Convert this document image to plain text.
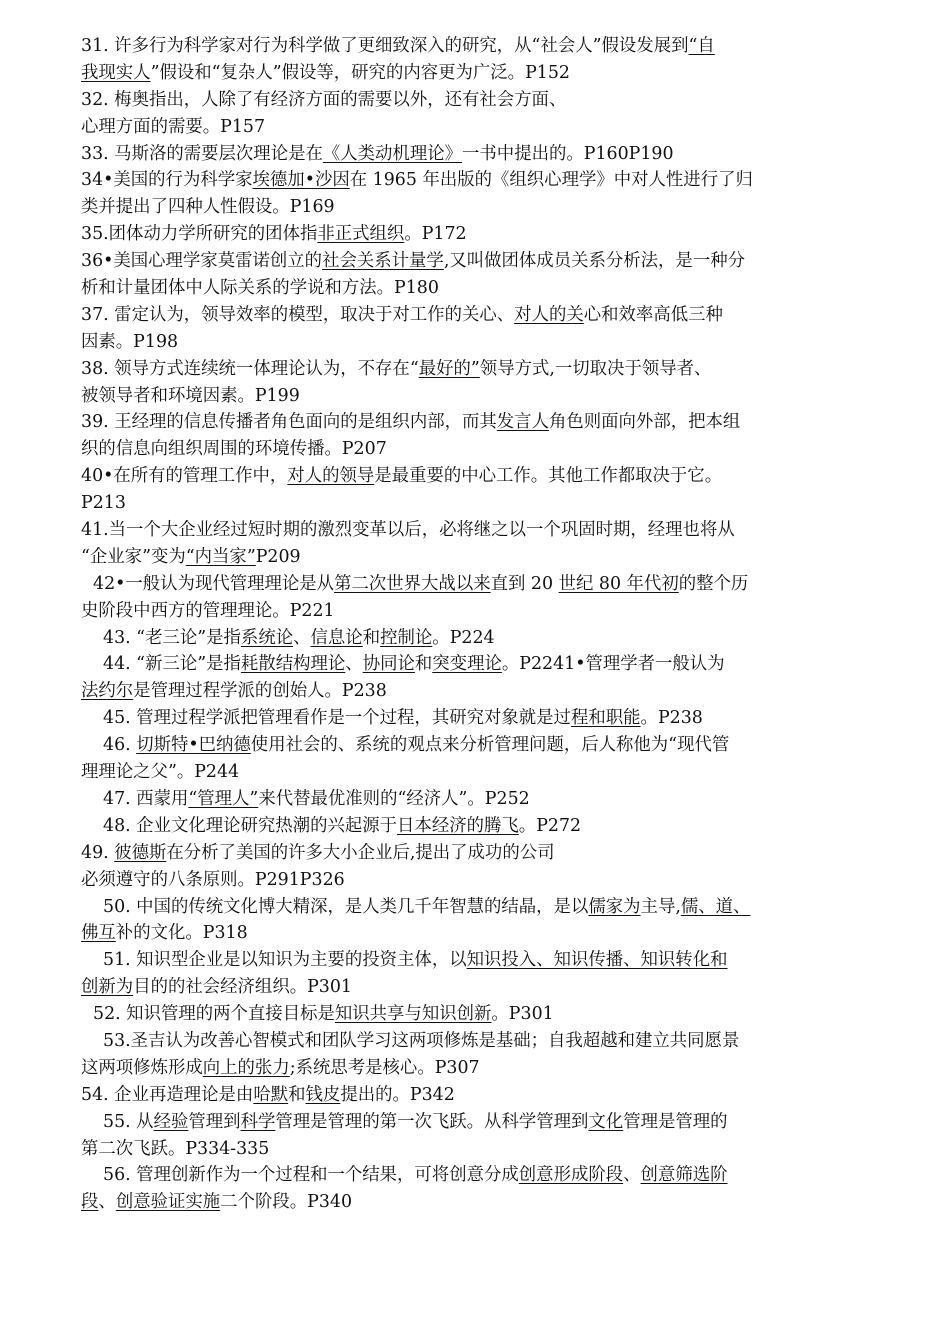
31. 许多行为科学家对行为科学做了更细致深入的研究，从“社会人”假设发展到“自
我现实人”假设和“复杂人”假设等，研究的内容更为广泛。P152
32. 梅奥指出，人除了有经济方面的需要以外，还有社会方面、
心理方面的需要。P157
33. 马斯洛的需要层次理论是在《人类动机理论》一书中提出的。P160P190
34•美国的行为科学家埃德加•沙因在 1965 年出版的《组织心理学》中对人性进行了归
类并提出了四种人性假设。P169
35.团体动力学所研究的团体指非正式组织。P172
36•美国心理学家莫雷诺创立的社会关系计量学,又叫做团体成员关系分析法，是一种分
析和计量团体中人际关系的学说和方法。P180
37. 雷定认为，领导效率的模型，取决于对工作的关心、对人的关心和效率高低三种
因素。P198
38. 领导方式连续统一体理论认为，不存在“最好的”领导方式,一切取决于领导者、
被领导者和环境因素。P199
39. 王经理的信息传播者角色面向的是组织内部，而其发言人角色则面向外部，把本组
织的信息向组织周围的环境传播。P207
40•在所有的管理工作中，对人的领导是最重要的中心工作。其他工作都取决于它。
P213
41.当一个大企业经过短时期的激烈变革以后，必将继之以一个巩固时期，经理也将从
“企业家”变为“内当家”P209
42•一般认为现代管理理论是从第二次世界大战以来直到 20 世纪 80 年代初的整个历
史阶段中西方的管理理论。P221
43. “老三论”是指系统论、信息论和控制论。P224
44. “新三论”是指耗散结构理论、协同论和突变理论。P2241•管理学者一般认为
法约尔是管理过程学派的创始人。P238
45. 管理过程学派把管理看作是一个过程，其研究对象就是过程和职能。P238
46. 切斯特•巴纳德使用社会的、系统的观点来分析管理问题，后人称他为“现代管
理理论之父”。P244
47. 西蒙用“管理人”来代替最优准则的“经济人”。P252
48. 企业文化理论研究热潮的兴起源于日本经济的腾飞。P272
49. 彼德斯在分析了美国的许多大小企业后,提出了成功的公司
必须遵守的八条原则。P291P326
50. 中国的传统文化博大精深，是人类几千年智慧的结晶，是以儒家为主导,儒、道、
佛互补的文化。P318
51. 知识型企业是以知识为主要的投资主体，以知识投入、知识传播、知识转化和
创新为目的的社会经济组织。P301
52. 知识管理的两个直接目标是知识共享与知识创新。P301
53.圣吉认为改善心智模式和团队学习这两项修炼是基础；自我超越和建立共同愿景
这两项修炼形成向上的张力;系统思考是核心。P307
54. 企业再造理论是由哈默和钱皮提出的。P342
55. 从经验管理到科学管理是管理的第一次飞跃。从科学管理到文化管理是管理的
第二次飞跃。P334-335
56. 管理创新作为一个过程和一个结果，可将创意分成创意形成阶段、创意筛选阶
段、创意验证实施二个阶段。P340
